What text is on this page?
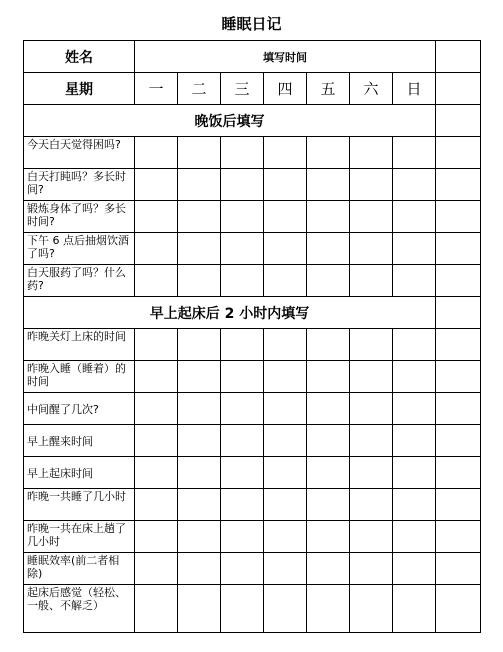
睡眠日记
姓名	填写时间							
星期	一	二	三	四	五	六	日	
晚饭后填写								
今天白天觉得困吗?								
白天打盹吗？多长时间?								
锻炼身体了吗？多长时间?								
下午 6 点后抽烟饮酒了吗?								
白天服药了吗？什么药?								
早上起床后 2 小时内填写								
昨晚关灯上床的时间								
昨晚入睡（睡着）的时间								
中间醒了几次?								
早上醒来时间								
早上起床时间								
昨晚一共睡了几小时								
昨晚一共在床上趟了几小时								
睡眠效率(前二者相除)								
起床后感觉（轻松、一般、不解乏）								
